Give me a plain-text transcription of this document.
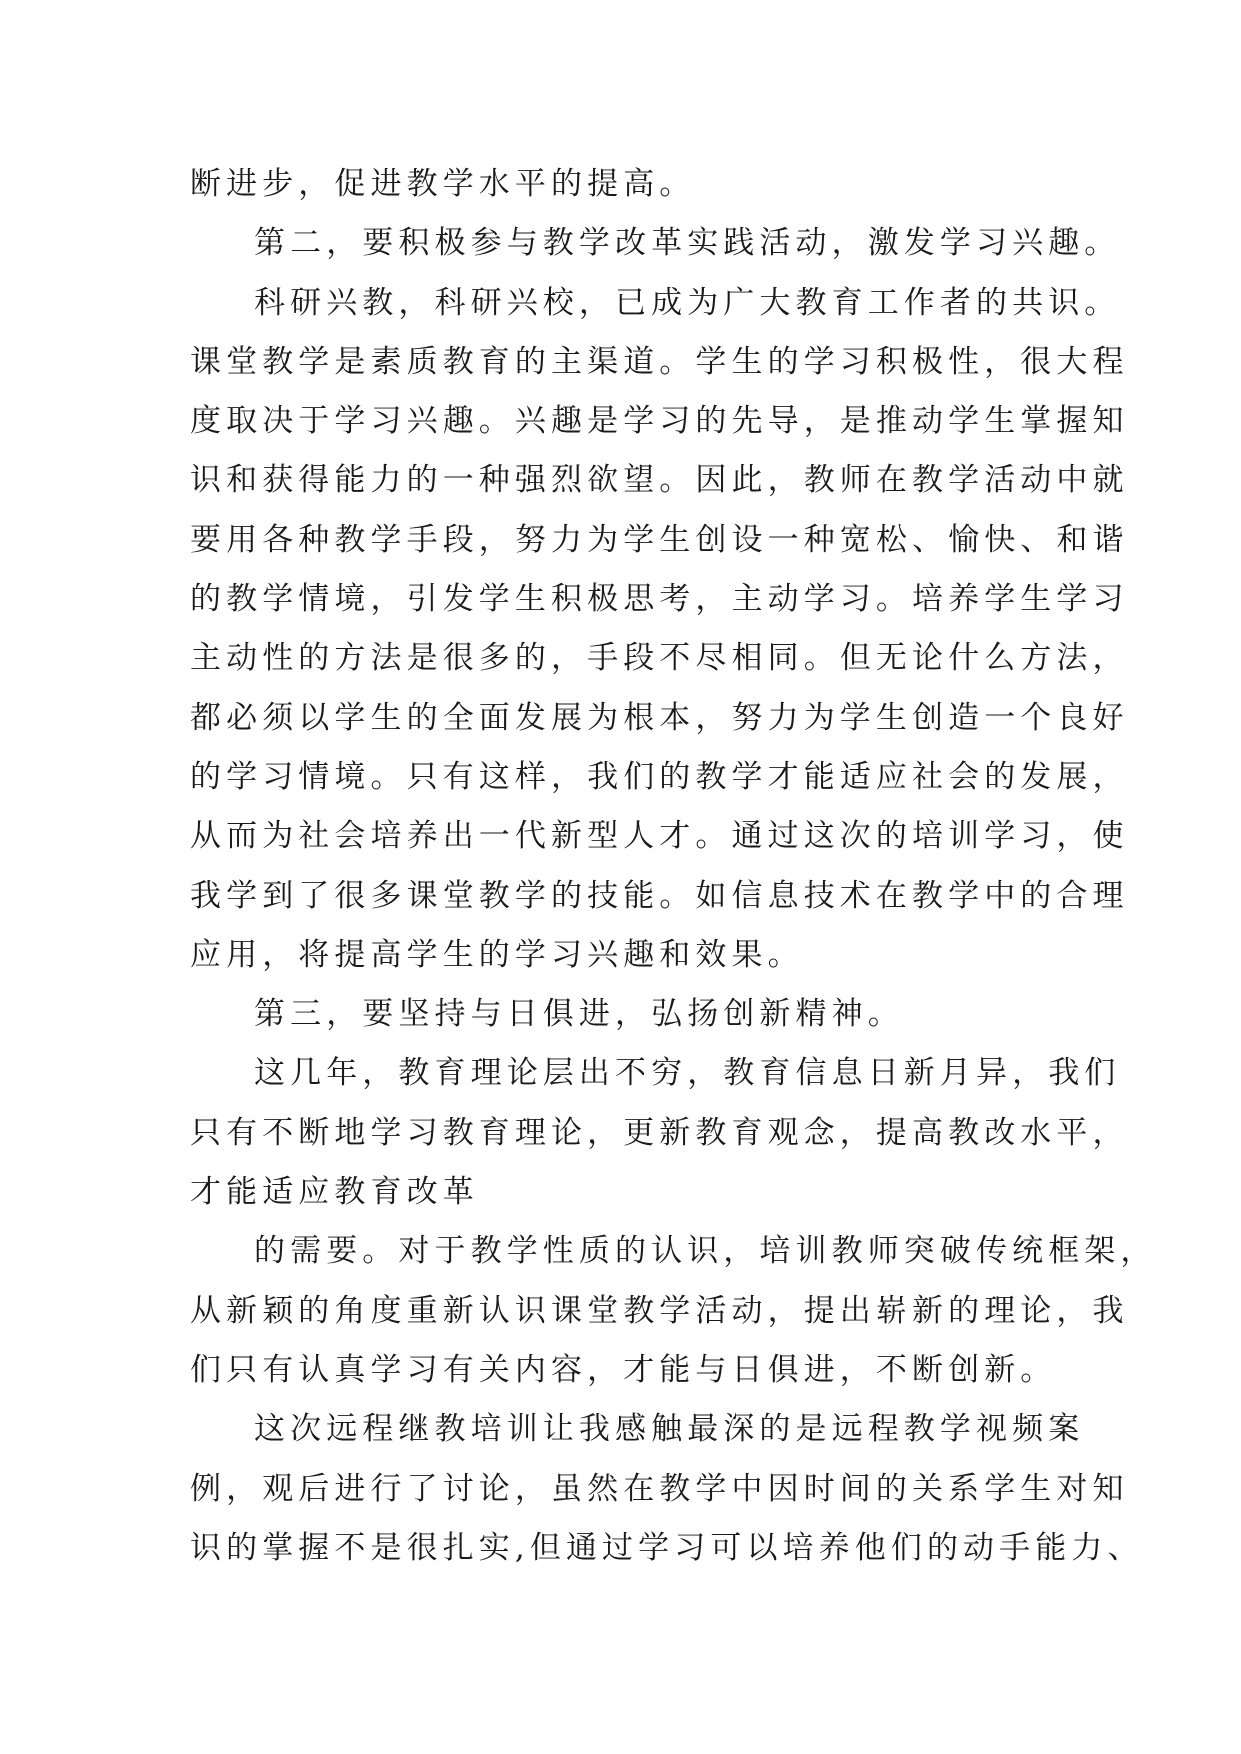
断进步，促进教学水平的提高。
第二，要积极参与教学改革实践活动，激发学习兴趣。
科研兴教，科研兴校，已成为广大教育工作者的共识。
课堂教学是素质教育的主渠道。学生的学习积极性，很大程
度取决于学习兴趣。兴趣是学习的先导，是推动学生掌握知
识和获得能力的一种强烈欲望。因此，教师在教学活动中就
要用各种教学手段，努力为学生创设一种宽松、愉快、和谐
的教学情境，引发学生积极思考，主动学习。培养学生学习
主动性的方法是很多的，手段不尽相同。但无论什么方法，
都必须以学生的全面发展为根本，努力为学生创造一个良好
的学习情境。只有这样，我们的教学才能适应社会的发展，
从而为社会培养出一代新型人才。通过这次的培训学习，使
我学到了很多课堂教学的技能。如信息技术在教学中的合理
应用，将提高学生的学习兴趣和效果。
第三，要坚持与日俱进，弘扬创新精神。
这几年，教育理论层出不穷，教育信息日新月异，我们
只有不断地学习教育理论，更新教育观念，提高教改水平，
才能适应教育改革
的需要。对于教学性质的认识，培训教师突破传统框架，
从新颖的角度重新认识课堂教学活动，提出崭新的理论，我
们只有认真学习有关内容，才能与日俱进，不断创新。
这次远程继教培训让我感触最深的是远程教学视频案
例，观后进行了讨论，虽然在教学中因时间的关系学生对知
识的掌握不是很扎实,但通过学习可以培养他们的动手能力、
